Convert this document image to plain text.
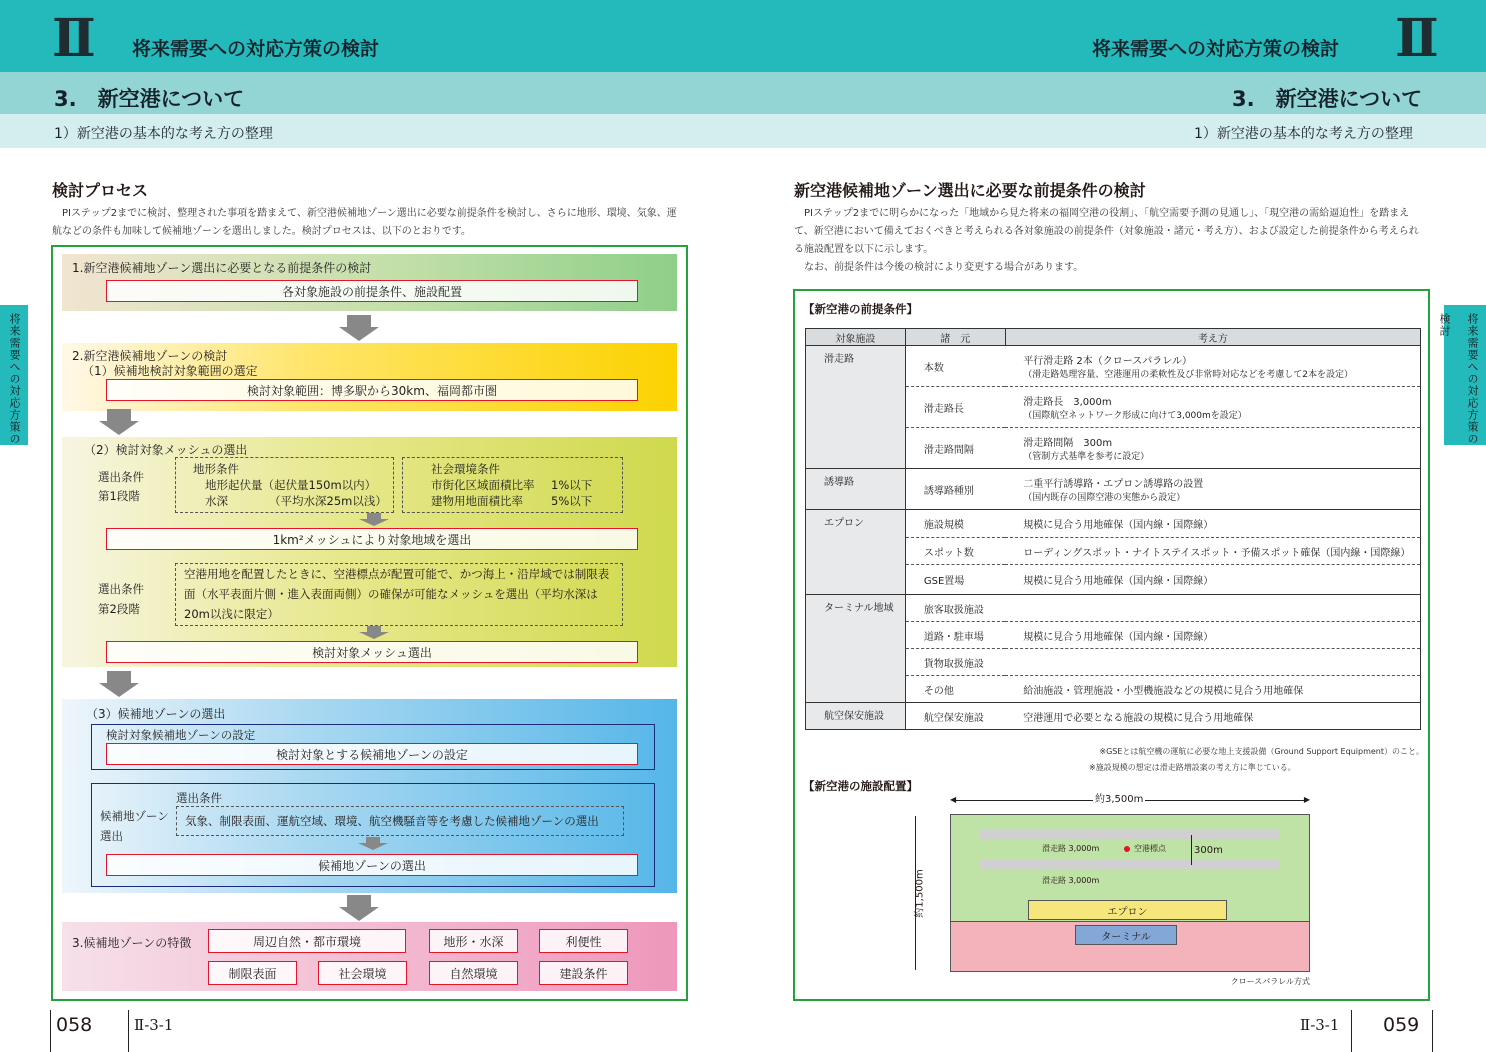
Ⅱ 将来需要への対応方策の検討	Ⅱ
将来需要への対応方策の検討
3.　新空港について	3.　新空港について
1）新空港の基本的な考え方の整理	1）新空港の基本的な考え方の整理
将来需要への対応方策の	将来需要への対応方策の検討
検討プロセス
　PIステップ2までに検討、整理された事項を踏まえて、新空港候補地ゾーン選出に必要な前提条件を検討し、さらに地形、環境、気象、運
航などの条件も加味して候補地ゾーンを選出しました。検討プロセスは、以下のとおりです。
1.新空港候補地ゾーン選出に必要となる前提条件の検討
各対象施設の前提条件、施設配置
2.新空港候補地ゾーンの検討
（1）候補地検討対象範囲の選定
検討対象範囲：博多駅から30km、福岡都市圏
（2）検討対象メッシュの選出
選出条件
第1段階
地形条件
地形起伏量（起伏量150m以内）
水深	（平均水深25m以浅）
社会環境条件
市街化区域面積比率 1%以下
建物用地面積比率 5%以下
1km²メッシュにより対象地域を選出
選出条件
第2段階
空港用地を配置したときに、空港標点が配置可能で、かつ海上・沿岸域では制限表
面（水平表面片側・進入表面両側）の確保が可能なメッシュを選出（平均水深は
20m以浅に限定）
検討対象メッシュ選出
（3）候補地ゾーンの選出
検討対象候補地ゾーンの設定
検討対象とする候補地ゾーンの設定
候補地ゾーン
選出
選出条件
気象、制限表面、運航空域、環境、航空機騒音等を考慮した候補地ゾーンの選出
候補地ゾーンの選出
3.候補地ゾーンの特徴	周辺自然・都市環境	地形・水深	利便性
制限表面	社会環境	自然環境	建設条件
058	Ⅱ-3-1
新空港候補地ゾーン選出に必要な前提条件の検討
　PIステップ2までに明らかになった「地域から見た将来の福岡空港の役割」、「航空需要予測の見通し」、「現空港の需給逼迫性」を踏まえ
て、新空港において備えておくべきと考えられる各対象施設の前提条件（対象施設・諸元・考え方）、および設定した前提条件から考えられ
る施設配置を以下に示します。
　なお、前提条件は今後の検討により変更する場合があります。
【新空港の前提条件】
対象施設	諸　元	考え方
滑走路	本数	平行滑走路 2本（クロースパラレル）
（滑走路処理容量、空港運用の柔軟性及び非常時対応などを考慮して2本を設定）

	滑走路長	滑走路長　3,000m
（国際航空ネットワーク形成に向けて3,000mを設定）

	滑走路間隔	滑走路間隔　300m
（管制方式基準を参考に設定）

誘導路	誘導路種別	二重平行誘導路・エプロン誘導路の設置
（国内既存の国際空港の実態から設定）

エプロン	施設規模	規模に見合う用地確保（国内線・国際線）

	スポット数	ローディングスポット・ナイトステイスポット・予備スポット確保（国内線・国際線）

	GSE置場	規模に見合う用地確保（国内線・国際線）

ターミナル地域	旅客取扱施設	

	道路・駐車場	規模に見合う用地確保（国内線・国際線）

	貨物取扱施設	

	その他	給油施設・管理施設・小型機施設などの規模に見合う用地確保

航空保安施設	航空保安施設	空港運用で必要となる施設の規模に見合う用地確保
※GSEとは航空機の運航に必要な地上支援設備（Ground Support Equipment）のこと。
※施設規模の想定は滑走路増設案の考え方に準じている。
【新空港の施設配置】
◀	▶
約3,500m
約1,500m
滑走路 3,000m	空港標点	300m
滑走路 3,000m
エプロン
ターミナル
クロースパラレル方式
Ⅱ-3-1 059
